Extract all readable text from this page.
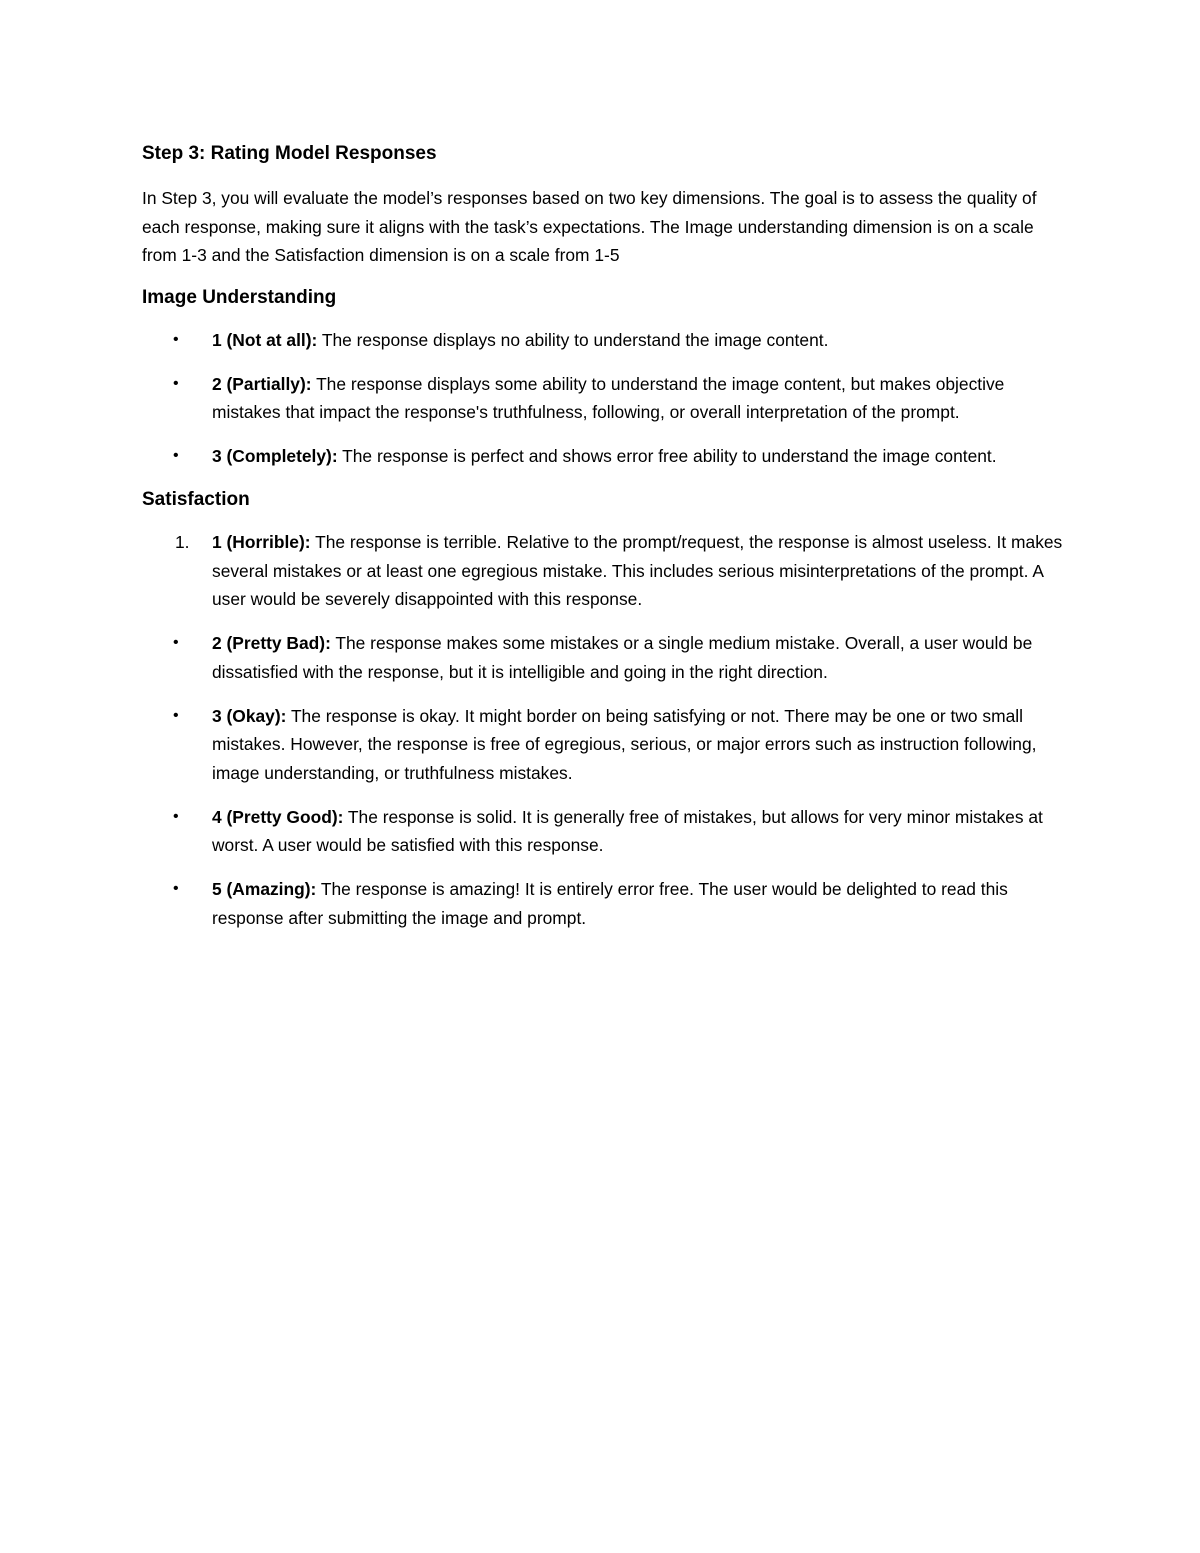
Step 3: Rating Model Responses
In Step 3, you will evaluate the model’s responses based on two key dimensions. The goal is to assess the quality of each response, making sure it aligns with the task’s expectations. The Image understanding dimension is on a scale from 1-3 and the Satisfaction dimension is on a scale from 1-5
Image Understanding
•	1 (Not at all): The response displays no ability to understand the image content.
•	2 (Partially): The response displays some ability to understand the image content, but makes objective mistakes that impact the response's truthfulness, following, or overall interpretation of the prompt.
•	3 (Completely): The response is perfect and shows error free ability to understand the image content.
Satisfaction
1.	1 (Horrible): The response is terrible. Relative to the prompt/request, the response is almost useless. It makes several mistakes or at least one egregious mistake. This includes serious misinterpretations of the prompt. A user would be severely disappointed with this response.
•	2 (Pretty Bad): The response makes some mistakes or a single medium mistake. Overall, a user would be dissatisfied with the response, but it is intelligible and going in the right direction.
•	3 (Okay): The response is okay. It might border on being satisfying or not. There may be one or two small mistakes. However, the response is free of egregious, serious, or major errors such as instruction following, image understanding, or truthfulness mistakes.
•	4 (Pretty Good): The response is solid. It is generally free of mistakes, but allows for very minor mistakes at worst. A user would be satisfied with this response.
•	5 (Amazing): The response is amazing! It is entirely error free. The user would be delighted to read this response after submitting the image and prompt.
